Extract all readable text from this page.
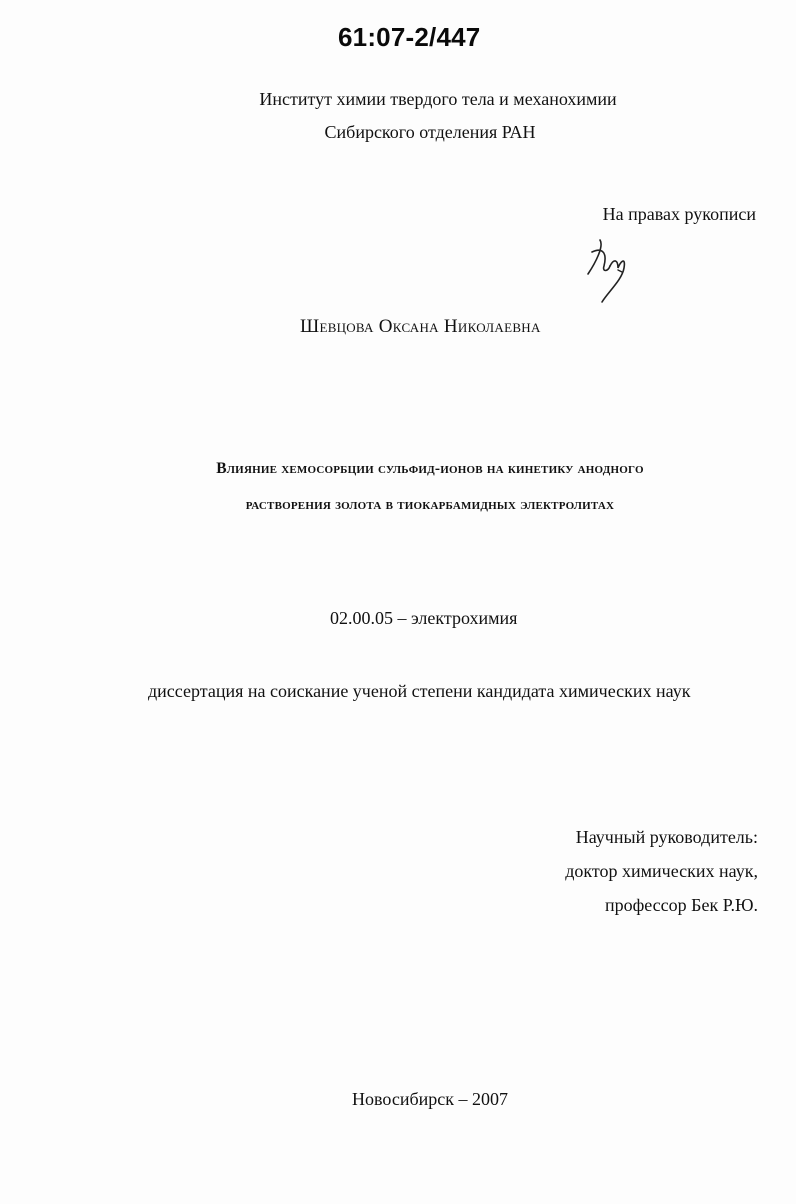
61:07-2/447
Институт химии твердого тела и механохимии
Сибирского отделения РАН
На правах рукописи
Шевцова Оксана Николаевна
Влияние хемосорбции сульфид-ионов на кинетику анодного
растворения золота в тиокарбамидных электролитах
02.00.05 – электрохимия
диссертация на соискание ученой степени кандидата химических наук
Научный руководитель:
доктор химических наук,
профессор Бек Р.Ю.
Новосибирск – 2007
